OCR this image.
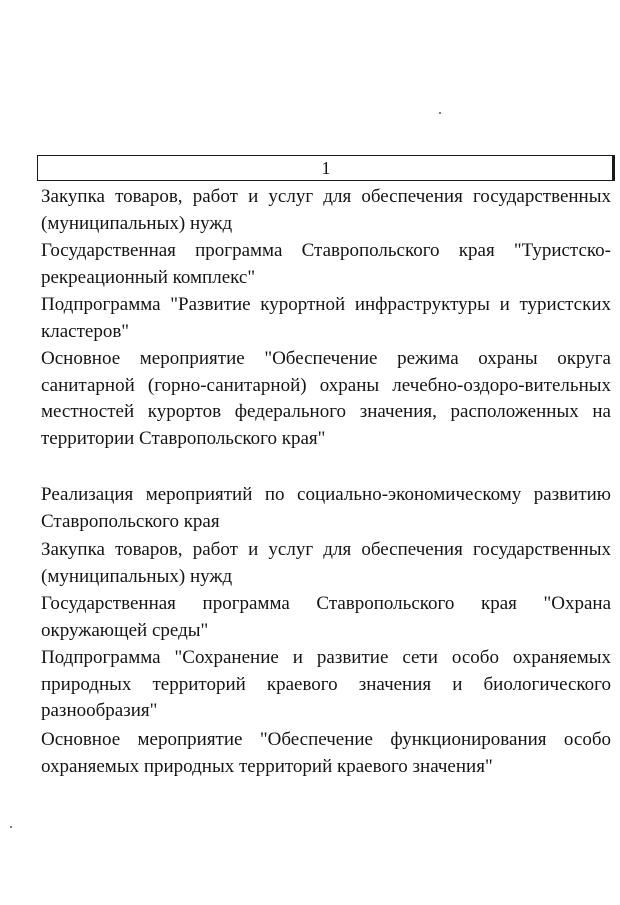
1

Закупка товаров, работ и услуг для обеспечения государственных (муниципальных) нужд

Государственная программа Ставропольского края "Туристско-рекреационный комплекс"

Подпрограмма "Развитие курортной инфраструктуры и туристских кластеров"

Основное мероприятие "Обеспечение режима охраны округа санитарной (горно-санитарной) охраны лечебно-оздоро-вительных местностей курортов федерального значения, расположенных на территории Ставропольского края"

Реализация мероприятий по социально-экономическому развитию Ставропольского края

Закупка товаров, работ и услуг для обеспечения государственных (муниципальных) нужд

Государственная программа Ставропольского края "Охрана окружающей среды"

Подпрограмма "Сохранение и развитие сети особо охраняемых природных территорий краевого значения и биологического разнообразия"

Основное мероприятие "Обеспечение функционирования особо охраняемых природных территорий краевого значения"
